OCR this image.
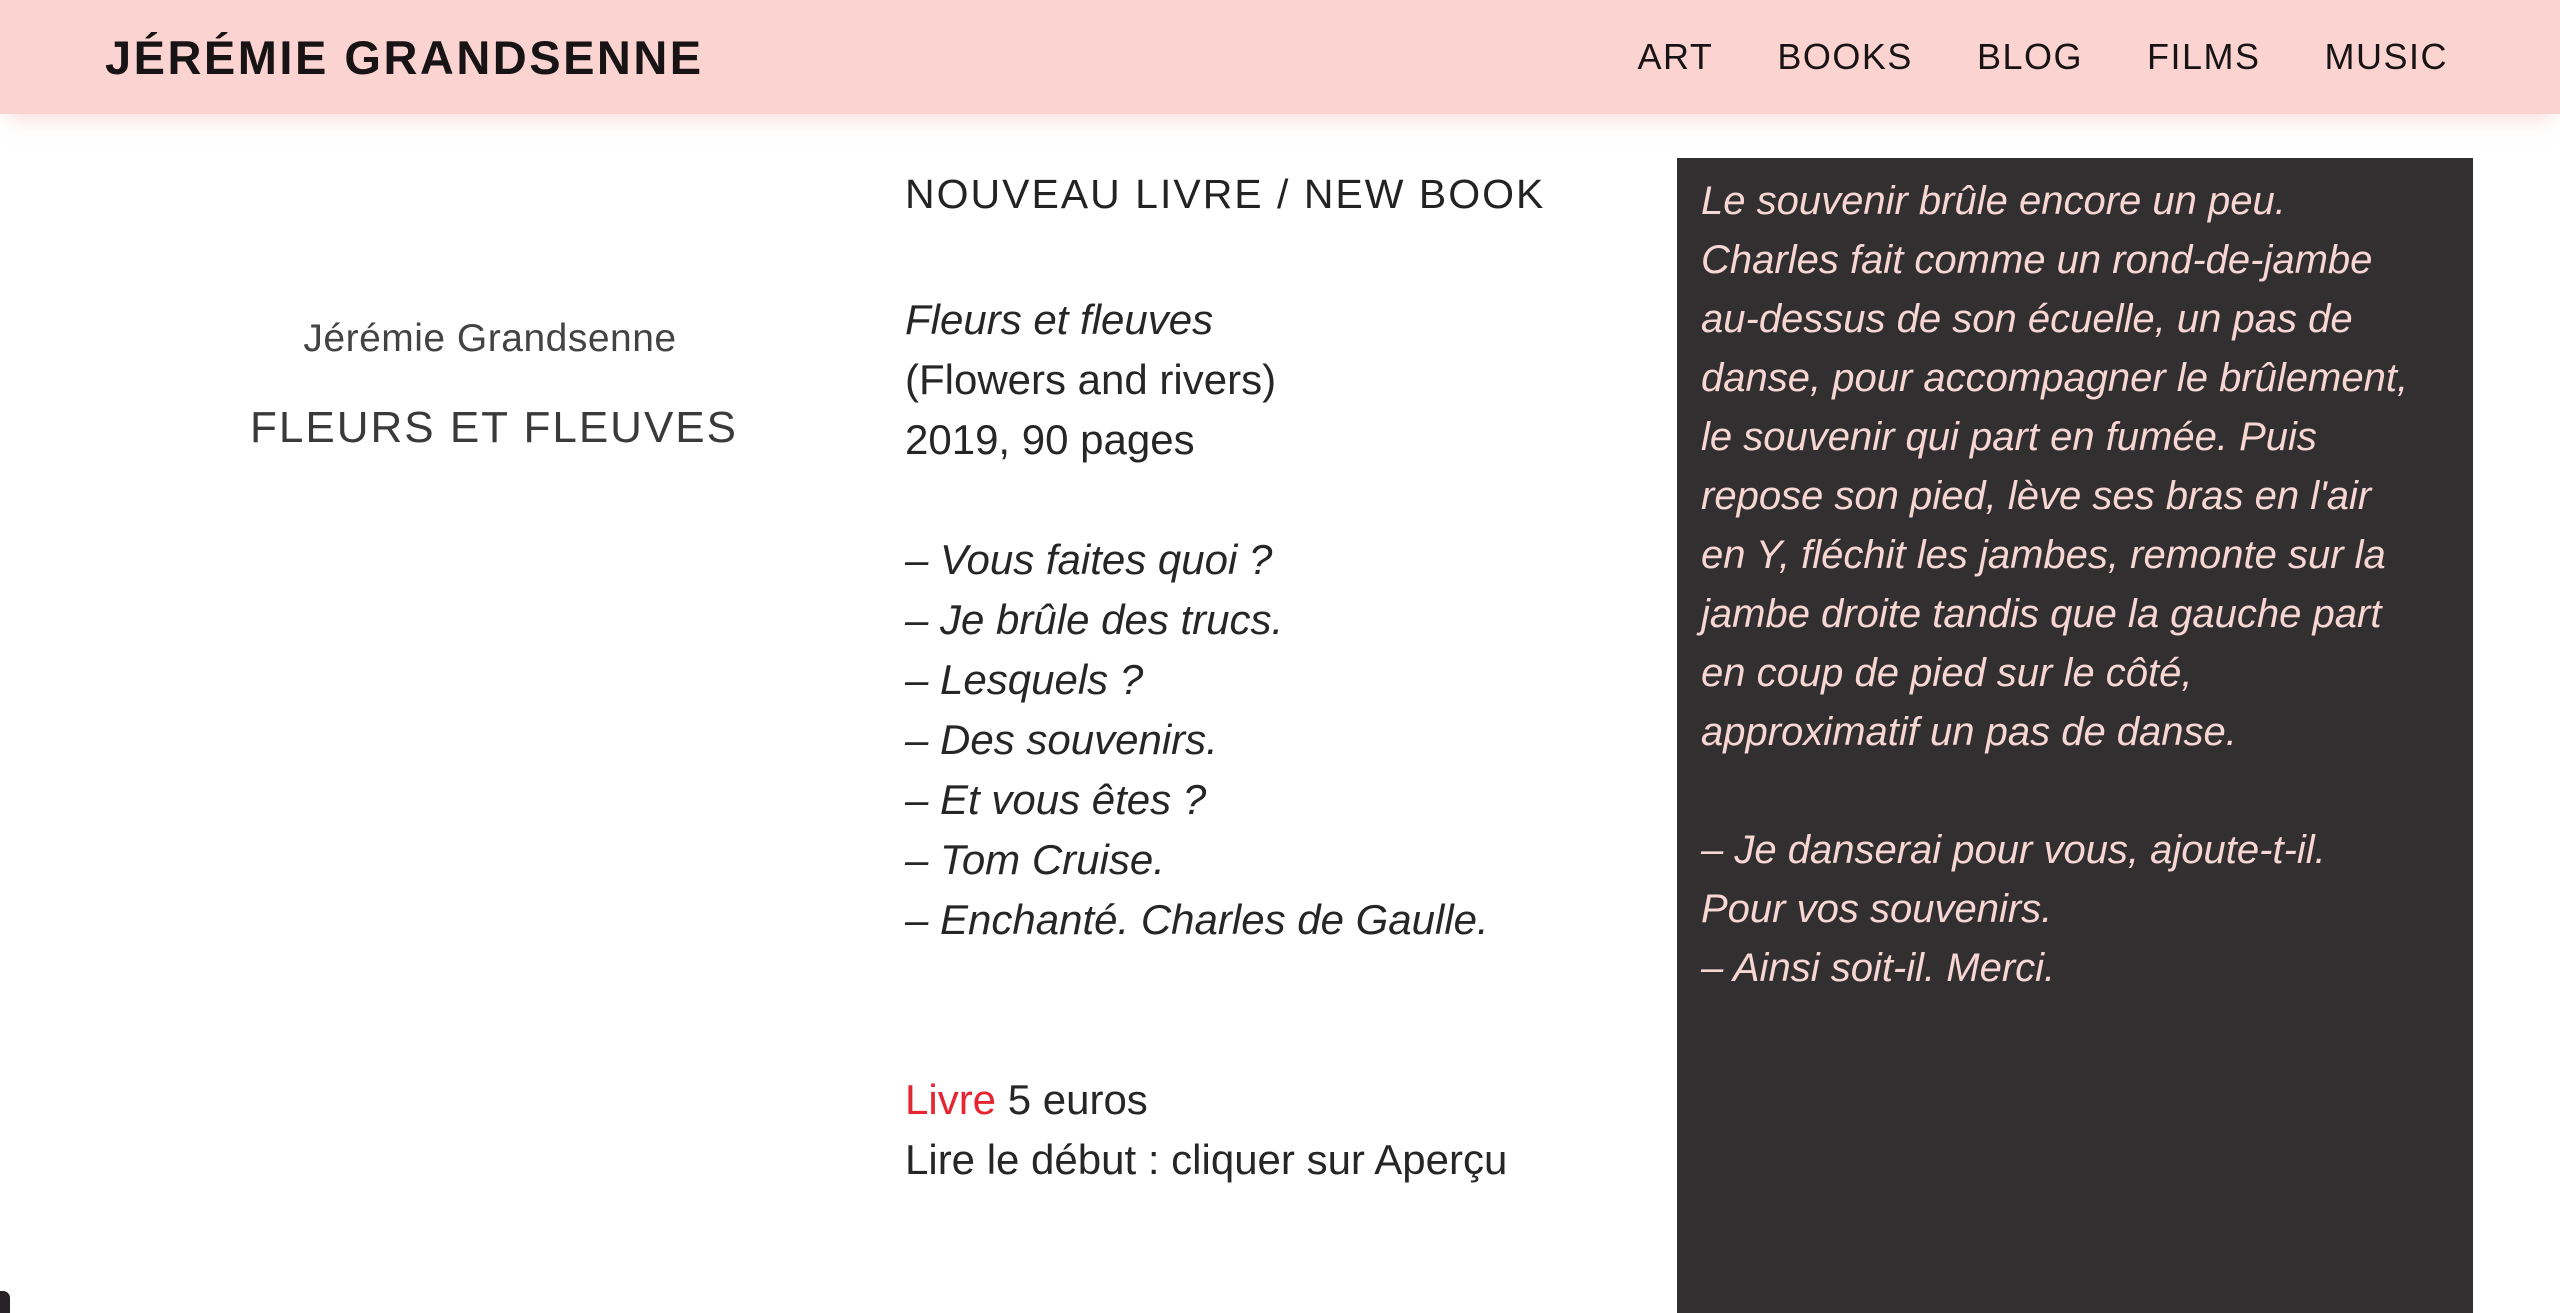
JÉRÉMIE GRANDSENNE	ART BOOKS BLOG FILMS MUSIC
Jérémie Grandsenne
FLEURS ET FLEUVES
NOUVEAU LIVRE / NEW BOOK
Fleurs et fleuves
(Flowers and rivers)
2019, 90 pages
– Vous faites quoi ?
– Je brûle des trucs.
– Lesquels ?
– Des souvenirs.
– Et vous êtes ?
– Tom Cruise.
– Enchanté. Charles de Gaulle.
Livre 5 euros
Lire le début : cliquer sur Aperçu
Le souvenir brûle encore un peu. Charles fait comme un rond-de-jambe au-dessus de son écuelle, un pas de danse, pour accompagner le brûlement, le souvenir qui part en fumée. Puis repose son pied, lève ses bras en l'air en Y, fléchit les jambes, remonte sur la jambe droite tandis que la gauche part en coup de pied sur le côté, approximatif un pas de danse.
– Je danserai pour vous, ajoute-t-il. Pour vos souvenirs.
– Ainsi soit-il. Merci.
